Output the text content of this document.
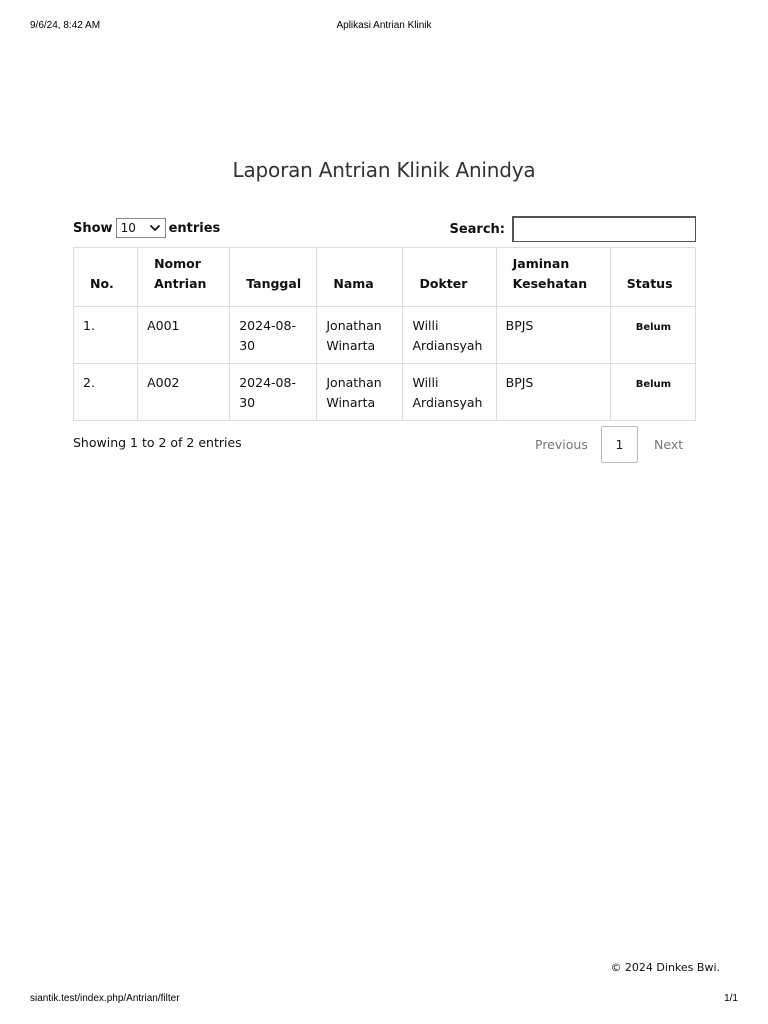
9/6/24, 8:42 AM	Aplikasi Antrian Klinik
Laporan Antrian Klinik Anindya
Show 10	entries	Search:
No.	Nomor Antrian	Tanggal	Nama	Dokter	Jaminan Kesehatan	Status
1.	A001	2024-08-30	Jonathan Winarta	Willi Ardiansyah	BPJS	Belum
2.	A002	2024-08-30	Jonathan Winarta	Willi Ardiansyah	BPJS	Belum
Showing 1 to 2 of 2 entries	Previous	1	Next
© 2024 Dinkes Bwi.
siantik.test/index.php/Antrian/filter	1/1
